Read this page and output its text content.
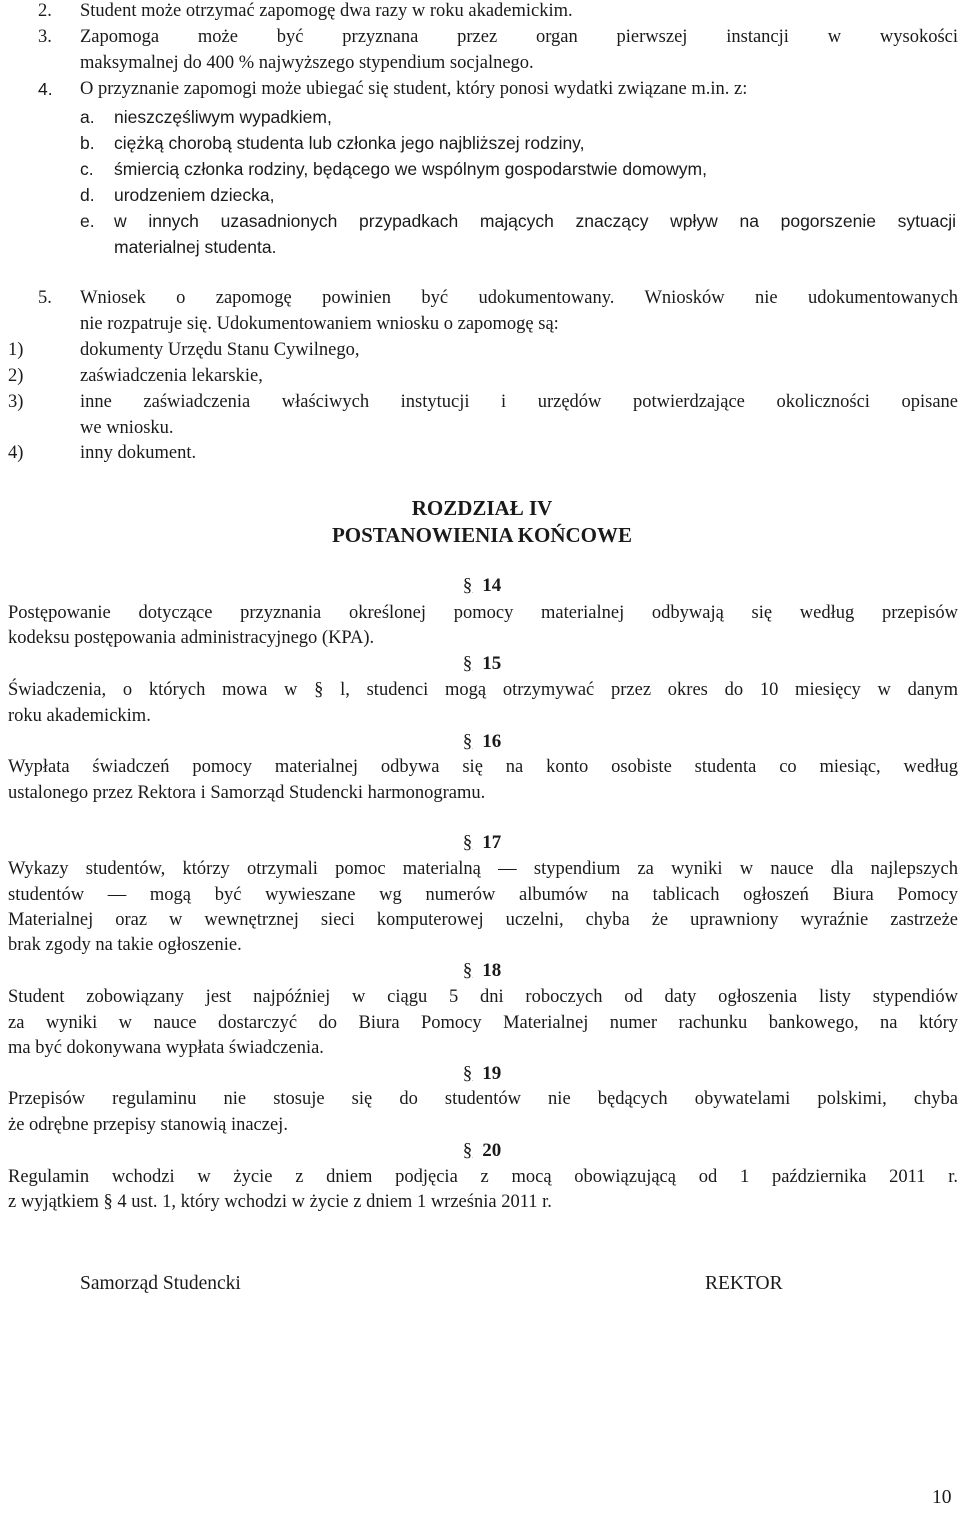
2. Student może otrzymać zapomogę dwa razy w roku akademickim.
3. Zapomoga może być przyznana przez organ pierwszej instancji w wysokości
maksymalnej do 400 % najwyższego stypendium socjalnego.
4. O przyznanie zapomogi może ubiegać się student, który ponosi wydatki związane m.in. z:
a. nieszczęśliwym wypadkiem,
b. ciężką chorobą studenta lub członka jego najbliższej rodziny,
c. śmiercią członka rodziny, będącego we wspólnym gospodarstwie domowym,
d. urodzeniem dziecka,
e. w innych uzasadnionych przypadkach mających znaczący wpływ na pogorszenie sytuacji
materialnej studenta.
5. Wniosek o zapomogę powinien być udokumentowany. Wniosków nie udokumentowanych
nie rozpatruje się. Udokumentowaniem wniosku o zapomogę są:
1)	dokumenty Urzędu Stanu Cywilnego,
2)	zaświadczenia lekarskie,
3)	inne zaświadczenia właściwych instytucji i urzędów potwierdzające okoliczności opisane
we wniosku.
4)	inny dokument.
ROZDZIAŁ IV
POSTANOWIENIA KOŃCOWE
§ 14
Postępowanie dotyczące przyznania określonej pomocy materialnej odbywają się według przepisów
kodeksu postępowania administracyjnego (KPA).
§ 15
Świadczenia, o których mowa w § l, studenci mogą otrzymywać przez okres do 10 miesięcy w danym
roku akademickim.
§ 16
Wypłata świadczeń pomocy materialnej odbywa się na konto osobiste studenta co miesiąc, według
ustalonego przez Rektora i Samorząd Studencki harmonogramu.
§ 17
Wykazy studentów, którzy otrzymali pomoc materialną — stypendium za wyniki w nauce dla najlepszych
studentów — mogą być wywieszane wg numerów albumów na tablicach ogłoszeń Biura Pomocy
Materialnej oraz w wewnętrznej sieci komputerowej uczelni, chyba że uprawniony wyraźnie zastrzeże
brak zgody na takie ogłoszenie.
§ 18
Student zobowiązany jest najpóźniej w ciągu 5 dni roboczych od daty ogłoszenia listy stypendiów
za wyniki w nauce dostarczyć do Biura Pomocy Materialnej numer rachunku bankowego, na który
ma być dokonywana wypłata świadczenia.
§ 19
Przepisów regulaminu nie stosuje się do studentów nie będących obywatelami polskimi, chyba
że odrębne przepisy stanowią inaczej.
§ 20
Regulamin wchodzi w życie z dniem podjęcia z mocą obowiązującą od 1 października 2011 r.
z wyjątkiem § 4 ust. 1, który wchodzi w życie z dniem 1 września 2011 r.
Samorząd Studencki	REKTOR
10
